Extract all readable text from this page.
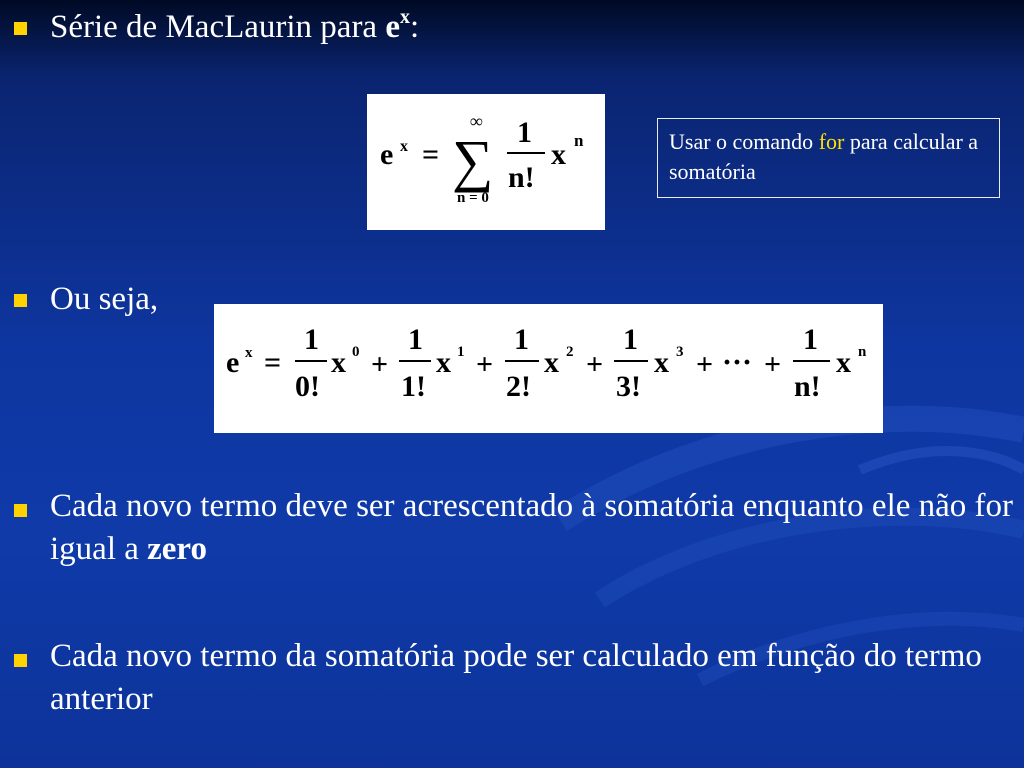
Série de MacLaurin para $e^x$:
e x =
∞
∑
n = 0
1
n!
x n	Usar o comando for para calcular a somatória
Ou seja,
e x =
1
0!
x 0 +
1
1!
x 1 +
1
2!
x 2 +
1
3!
x 3 + ··· +
1
n!
x n
Cada novo termo deve ser acrescentado à somatória enquanto ele não for igual a zero
Cada novo termo da somatória pode ser calculado em função do termo anterior
